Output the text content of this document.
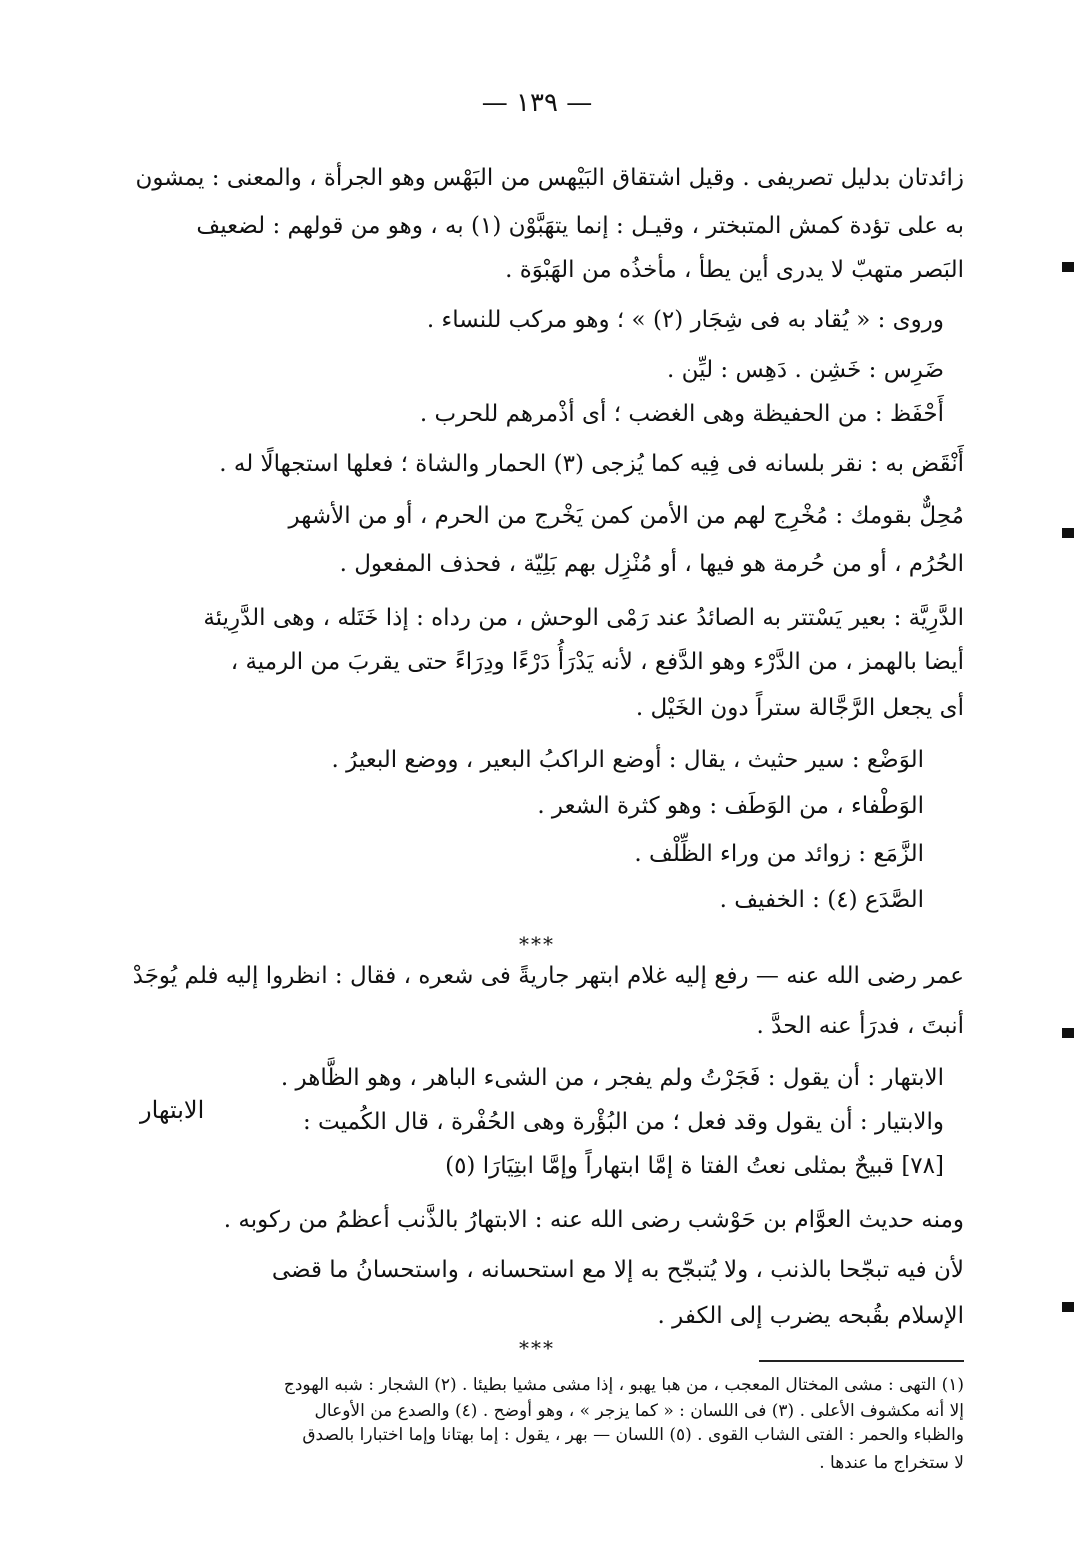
— ١٣٩ —
زائدتان بدليل تصريفى . وقيل اشتقاق البَيْهس من البَهْس وهو الجرأة ، والمعنى : يمشون
به على تؤدة كمش المتبختر ، وقيـل : إنما يتهَبَّوْن (١) به ، وهو من قولهم : لضعيف
البَصر متهبّ لا يدرى أين يطأ ، مأخذُه من الهَبْوَة .
وروى : « يُقاد به فى شِجَار (٢) » ؛ وهو مركب للنساء .
ضَرِس : خَشِن . دَهِس : ليِّن .
أَحْفَظ : من الحفيظة وهى الغضب ؛ أى أذْمرهم للحرب .
أَنْقَض به : نقر بلسانه فى فِيه كما يُزجى (٣) الحمار والشاة ؛ فعلها استجهالًا له .
مُحِلٌّ بقومك : مُخْرِج لهم من الأمن كمن يَخْرج من الحرم ، أو من الأشهر
الحُرُم ، أو من حُرمة هو فيها ، أو مُنْزِل بهم بَلِيّة ، فحذف المفعول .
الدَّرِيَّة : بعير يَسْتتر به الصائدُ عند رَمْى الوحش ، من رداه : إذا خَتَله ، وهى الدَّرِيئة
أيضا بالهمز ، من الدَّرْء وهو الدَّفع ، لأنه يَدْرَأُ دَرْءًا ودِرَاءً حتى يقربَ من الرمية ،
أى يجعل الرَّجَّالة ستراً دون الخَيْل .
الوَضْع : سير حثيث ، يقال : أوضع الراكبُ البعير ، ووضع البعيرُ .
الوَطْفاء ، من الوَطَف : وهو كثرة الشعر .
الزَّمَع : زوائد من وراء الظِّلْف .
الصَّدَع (٤) : الخفيف .
***
عمر رضى الله عنه — رفع إليه غلام ابتهر جاريةً فى شعره ، فقال : انظروا إليه فلم يُوجَدْ
أنبتَ ، فدرَأ عنه الحدَّ .
الابتهار : أن يقول : فَجَرْتُ ولم يفجر ، من الشىء الباهر ، وهو الظَّاهر .
والابتيار : أن يقول وقد فعل ؛ من البُؤْرة وهى الحُفْرة ، قال الكُميت :
[٧٨] قبيحٌ بمثلى نعتُ الفتا ة إمَّا ابتهاراً وإمَّا ابتِيَارَا (٥)
ومنه حديث العوَّام بن حَوْشب رضى الله عنه : الابتهارُ بالذَّنب أعظمُ من ركوبه .
لأن فيه تبجّحا بالذنب ، ولا يُتبجّح به إلا مع استحسانه ، واستحسانُ ما قضى
الإسلام بقُبحه يضرب إلى الكفر .
***
الابتهار
(١) التهى : مشى المختال المعجب ، من هبا يهبو ، إذا مشى مشيا بطيئا . (٢) الشجار : شبه الهودج
إلا أنه مكشوف الأعلى . (٣) فى اللسان : « كما يزجر » ، وهو أوضح . (٤) والصدع من الأوعال
والظباء والحمر : الفتى الشاب القوى . (٥) اللسان — بهر ، يقول : إما بهتانا وإما اختبارا بالصدق
لا ستخراج ما عندها .
